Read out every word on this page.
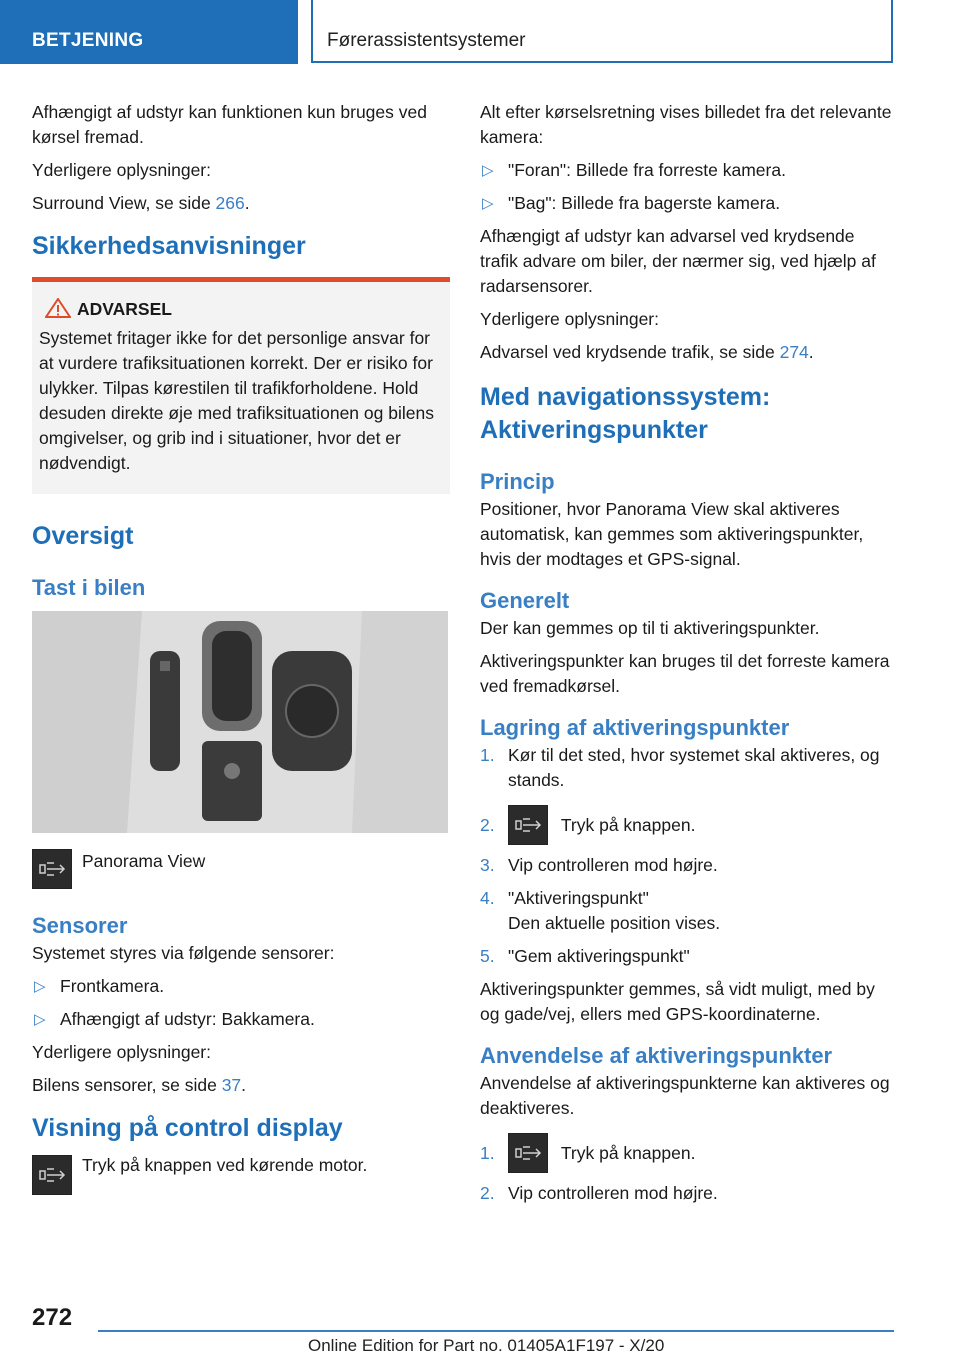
BETJENING	Førerassistentsystemer

Afhængigt af udstyr kan funktionen kun bruges ved kørsel fremad.

Yderligere oplysninger:

Surround View, se side 266.

Sikkerhedsanvisninger
ADVARSEL

Systemet fritager ikke for det personlige ansvar for at vurdere trafiksituationen korrekt. Der er risiko for ulykker. Tilpas kørestilen til trafikforholdene. Hold desuden direkte øje med trafiksituationen og bilens omgivelser, og grib ind i situationer, hvor det er nødvendigt.

Oversigt
Tast i bilen

Panorama View

Sensorer

Systemet styres via følgende sensorer:

▷ Frontkamera.

▷ Afhængigt af udstyr: Bakkamera.

Yderligere oplysninger:

Bilens sensorer, se side 37.

Visning på control display

Tryk på knappen ved kørende motor.

Alt efter kørselsretning vises billedet fra det relevante kamera:

▷ "Foran": Billede fra forreste kamera.

▷ "Bag": Billede fra bagerste kamera.

Afhængigt af udstyr kan advarsel ved krydsende trafik advare om biler, der nærmer sig, ved hjælp af radarsensorer.

Yderligere oplysninger:

Advarsel ved krydsende trafik, se side 274.

Med navigationssystem: Aktiveringspunkter
Princip

Positioner, hvor Panorama View skal aktiveres automatisk, kan gemmes som aktiveringspunkter, hvis der modtages et GPS-signal.

Generelt

Der kan gemmes op til ti aktiveringspunkter.

Aktiveringspunkter kan bruges til det forreste kamera ved fremadkørsel.

Lagring af aktiveringspunkter

1. Kør til det sted, hvor systemet skal aktiveres, og stands.

2.	Tryk på knappen.

3. Vip controlleren mod højre.

4. "Aktiveringspunkt"

Den aktuelle position vises.

5. "Gem aktiveringspunkt"

Aktiveringspunkter gemmes, så vidt muligt, med by og gade/vej, ellers med GPS-koordinaterne.

Anvendelse af aktiveringspunkter

Anvendelse af aktiveringspunkterne kan aktiveres og deaktiveres.

1.	Tryk på knappen.

2. Vip controlleren mod højre.

272
Online Edition for Part no. 01405A1F197 - X/20
